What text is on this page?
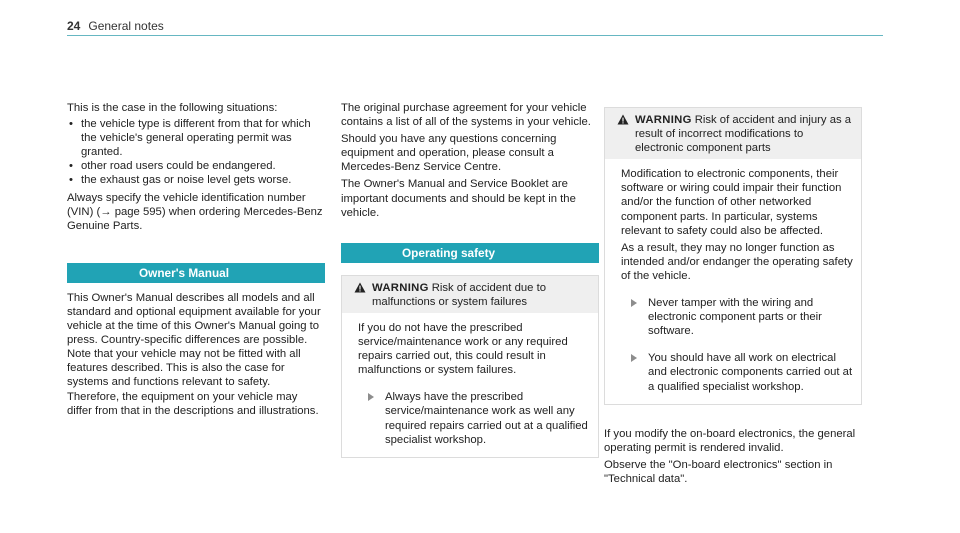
24 General notes

This is the case in the following situations:

• the vehicle type is different from that for which the vehicle's general operating permit was granted.
• other road users could be endangered.
• the exhaust gas or noise level gets worse.

Always specify the vehicle identification number (VIN) (→ page 595) when ordering Mercedes-Benz Genuine Parts.

Owner's Manual

This Owner's Manual describes all models and all standard and optional equipment available for your vehicle at the time of this Owner's Manual going to press. Country-specific differences are possible. Note that your vehicle may not be fitted with all features described. This is also the case for systems and functions relevant to safety. Therefore, the equipment on your vehicle may differ from that in the descriptions and illustrations.

The original purchase agreement for your vehicle contains a list of all of the systems in your vehicle.

Should you have any questions concerning equipment and operation, please consult a Mercedes-Benz Service Centre.

The Owner's Manual and Service Booklet are important documents and should be kept in the vehicle.

Operating safety
WARNING Risk of accident due to malfunctions or system failures

If you do not have the prescribed service/maintenance work or any required repairs carried out, this could result in malfunctions or system failures.

Always have the prescribed service/maintenance work as well any required repairs carried out at a qualified specialist workshop.
WARNING Risk of accident and injury as a result of incorrect modifications to electronic component parts

Modification to electronic components, their software or wiring could impair their function and/or the function of other networked component parts. In particular, systems relevant to safety could also be affected.

As a result, they may no longer function as intended and/or endanger the operating safety of the vehicle.

Never tamper with the wiring and electronic component parts or their software.
You should have all work on electrical and electronic components carried out at a qualified specialist workshop.

If you modify the on-board electronics, the general operating permit is rendered invalid.

Observe the "On-board electronics" section in "Technical data".
